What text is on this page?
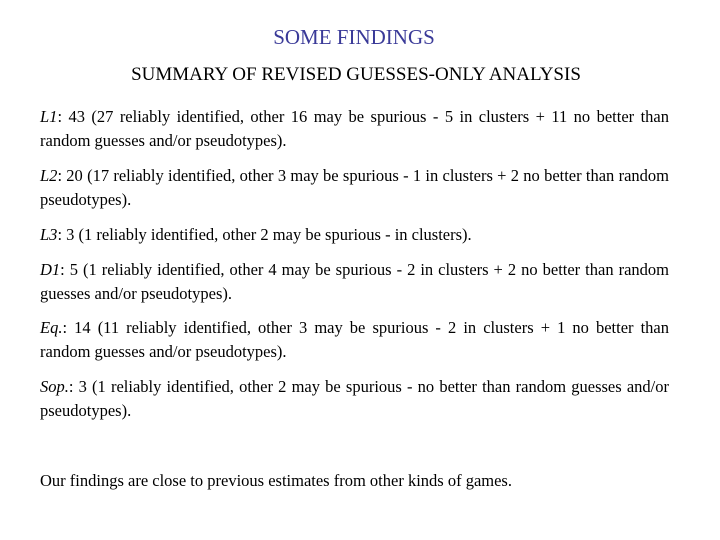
SOME FINDINGS
SUMMARY OF REVISED GUESSES-ONLY ANALYSIS
L1: 43 (27 reliably identified, other 16 may be spurious - 5 in clusters + 11 no better than random guesses and/or pseudotypes).
L2: 20 (17 reliably identified, other 3 may be spurious - 1 in clusters + 2 no better than random pseudotypes).
L3: 3 (1 reliably identified, other 2 may be spurious - in clusters).
D1: 5 (1 reliably identified, other 4 may be spurious - 2 in clusters + 2 no better than random guesses and/or pseudotypes).
Eq.: 14 (11 reliably identified, other 3 may be spurious - 2 in clusters + 1 no better than random guesses and/or pseudotypes).
Sop.: 3 (1 reliably identified, other 2 may be spurious - no better than random guesses and/or pseudotypes).
Our findings are close to previous estimates from other kinds of games.
